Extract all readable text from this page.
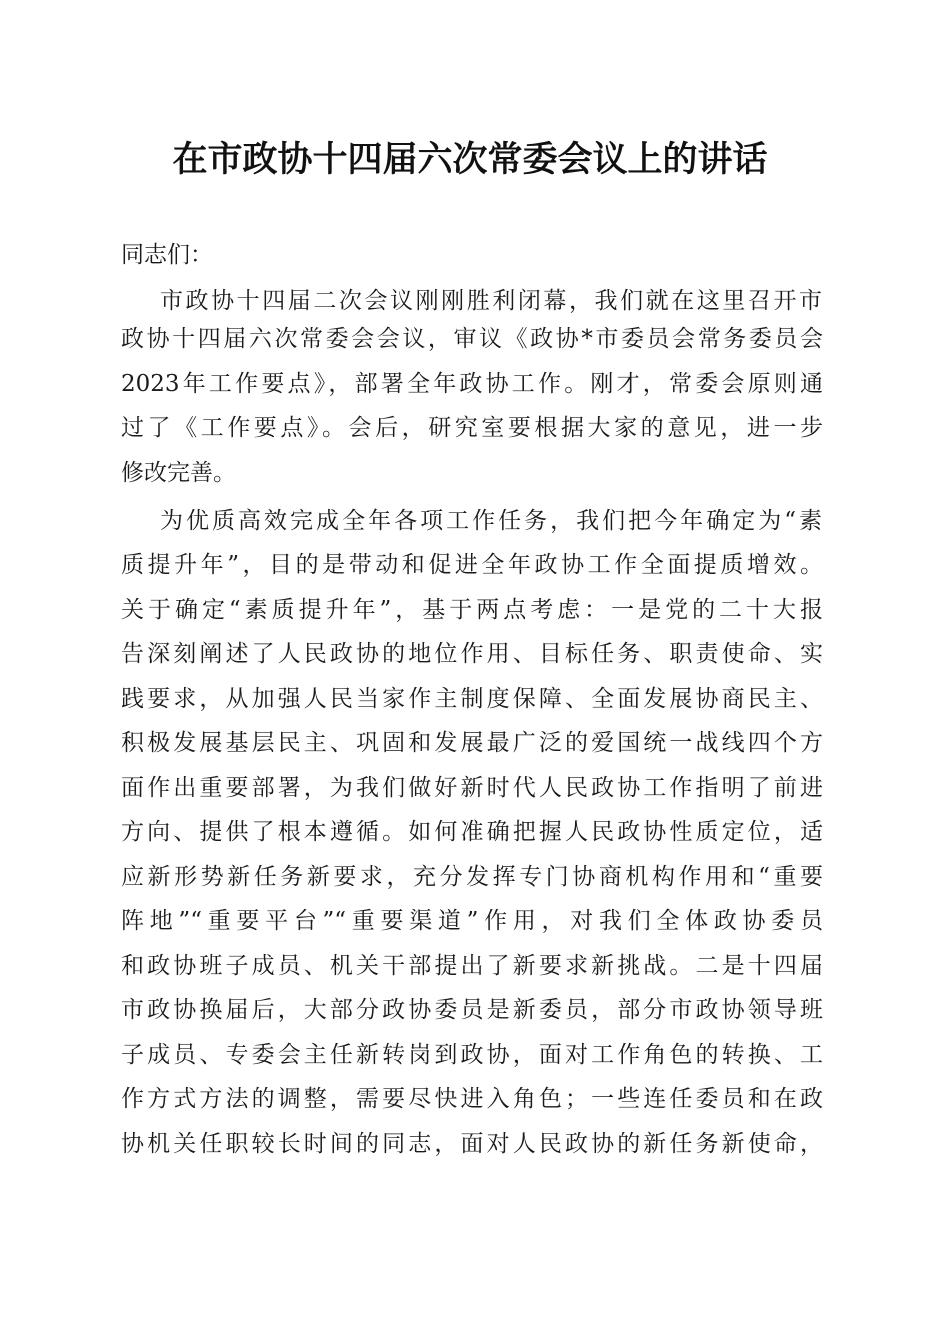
在市政协十四届六次常委会议上的讲话
同志们：
市政协十四届二次会议刚刚胜利闭幕，我们就在这里召开市
政协十四届六次常委会会议，审议《政协*市委员会常务委员会
2023年工作要点》，部署全年政协工作。刚才，常委会原则通
过了《工作要点》。会后，研究室要根据大家的意见，进一步
修改完善。
为优质高效完成全年各项工作任务，我们把今年确定为“素
质提升年”，目的是带动和促进全年政协工作全面提质增效。
关于确定“素质提升年”，基于两点考虑：一是党的二十大报
告深刻阐述了人民政协的地位作用、目标任务、职责使命、实
践要求，从加强人民当家作主制度保障、全面发展协商民主、
积极发展基层民主、巩固和发展最广泛的爱国统一战线四个方
面作出重要部署，为我们做好新时代人民政协工作指明了前进
方向、提供了根本遵循。如何准确把握人民政协性质定位，适
应新形势新任务新要求，充分发挥专门协商机构作用和“重要
阵地”“重要平台”“重要渠道”作用，对我们全体政协委员
和政协班子成员、机关干部提出了新要求新挑战。二是十四届
市政协换届后，大部分政协委员是新委员，部分市政协领导班
子成员、专委会主任新转岗到政协，面对工作角色的转换、工
作方式方法的调整，需要尽快进入角色；一些连任委员和在政
协机关任职较长时间的同志，面对人民政协的新任务新使命，
